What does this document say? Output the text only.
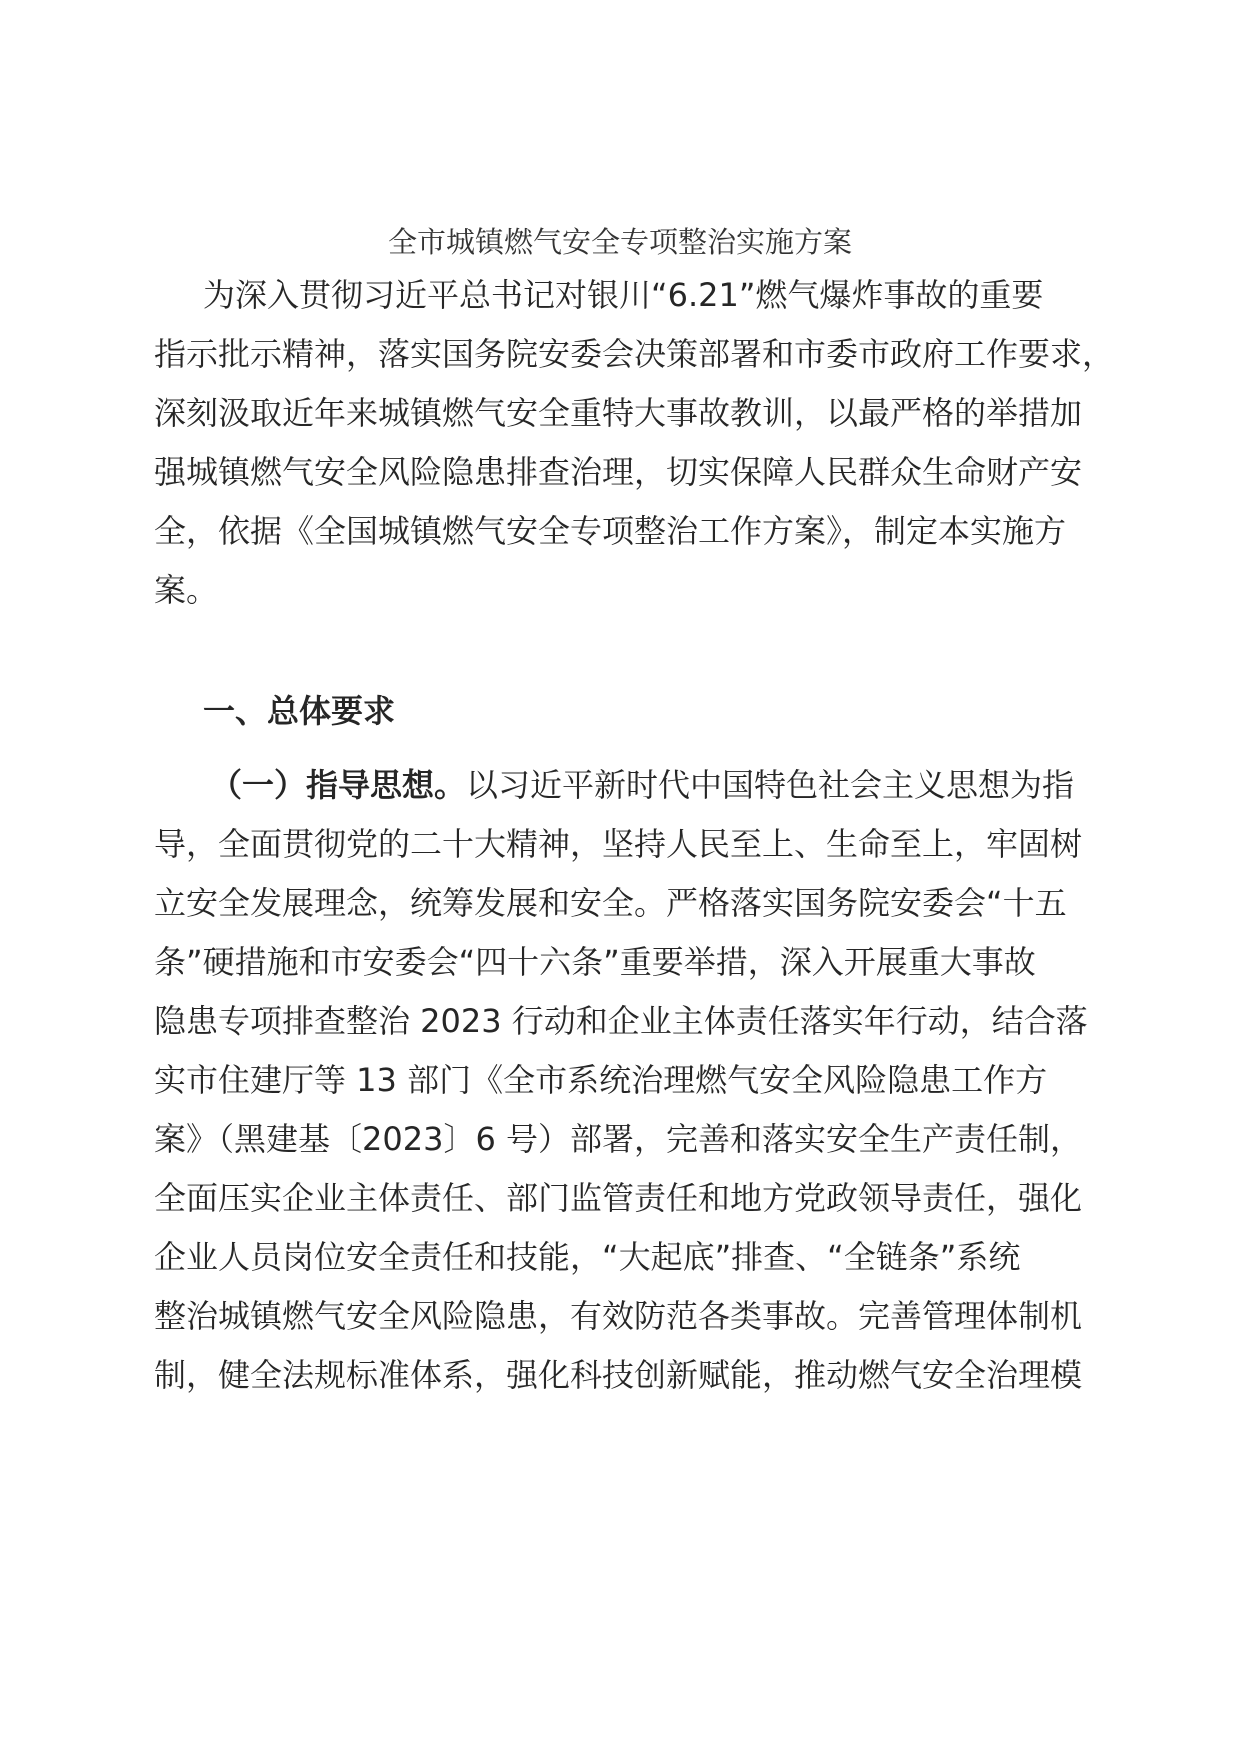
全市城镇燃气安全专项整治实施方案
为深入贯彻习近平总书记对银川“6.21”燃气爆炸事故的重要
指示批示精神，落实国务院安委会决策部署和市委市政府工作要求，
深刻汲取近年来城镇燃气安全重特大事故教训，以最严格的举措加
强城镇燃气安全风险隐患排查治理，切实保障人民群众生命财产安
全，依据《全国城镇燃气安全专项整治工作方案》，制定本实施方
案。
一、总体要求
（一）指导思想。以习近平新时代中国特色社会主义思想为指
导，全面贯彻党的二十大精神，坚持人民至上、生命至上，牢固树
立安全发展理念，统筹发展和安全。严格落实国务院安委会“十五
条”硬措施和市安委会“四十六条”重要举措，深入开展重大事故
隐患专项排查整治 2023 行动和企业主体责任落实年行动，结合落
实市住建厅等 13 部门《全市系统治理燃气安全风险隐患工作方
案》（黑建基〔2023〕6 号）部署，完善和落实安全生产责任制，
全面压实企业主体责任、部门监管责任和地方党政领导责任，强化
企业人员岗位安全责任和技能，“大起底”排查、“全链条”系统
整治城镇燃气安全风险隐患，有效防范各类事故。完善管理体制机
制，健全法规标准体系，强化科技创新赋能，推动燃气安全治理模
